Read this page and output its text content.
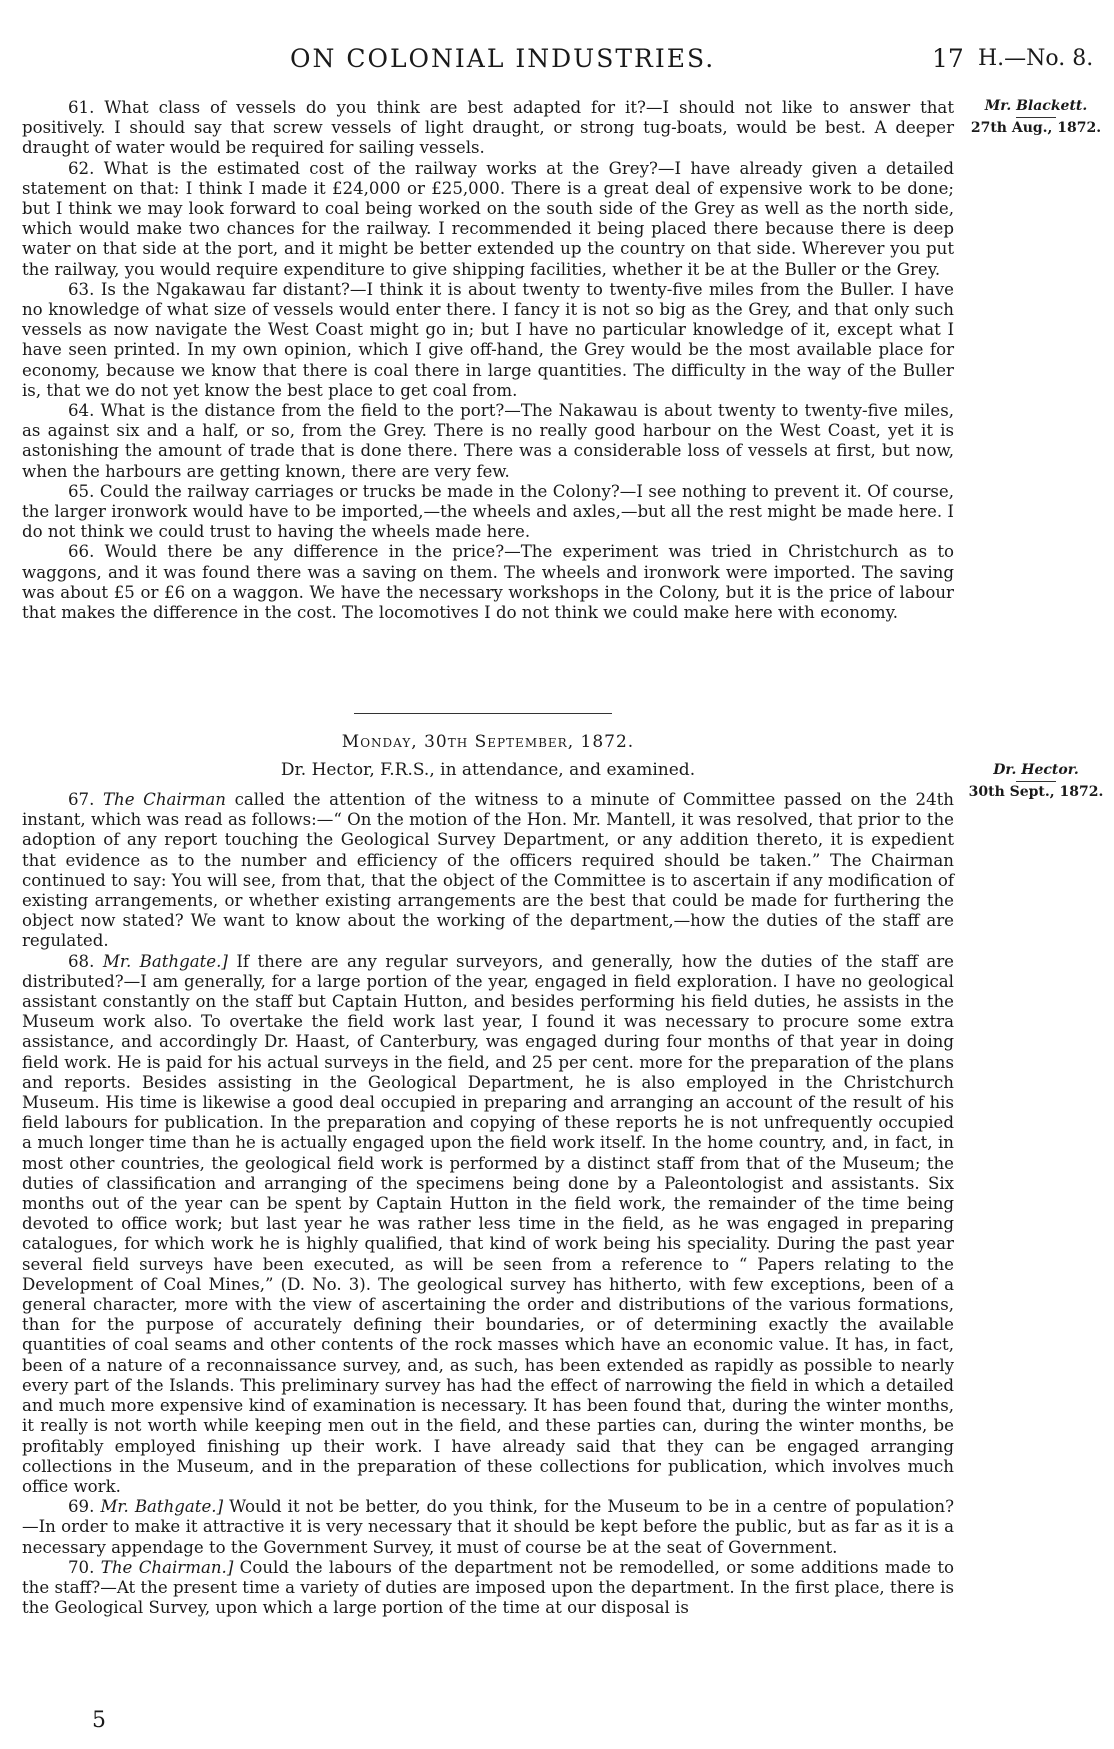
ON COLONIAL INDUSTRIES.	17 H.—No. 8.
Mr. Blackett.
27th Aug., 1872.

61. What class of vessels do you think are best adapted for it?—I should not like to answer that positively. I should say that screw vessels of light draught, or strong tug-boats, would be best. A deeper draught of water would be required for sailing vessels.

62. What is the estimated cost of the railway works at the Grey?—I have already given a detailed statement on that: I think I made it £24,000 or £25,000. There is a great deal of expensive work to be done; but I think we may look forward to coal being worked on the south side of the Grey as well as the north side, which would make two chances for the railway. I recommended it being placed there because there is deep water on that side at the port, and it might be better extended up the country on that side. Wherever you put the railway, you would require expenditure to give shipping facilities, whether it be at the Buller or the Grey.

63. Is the Ngakawau far distant?—I think it is about twenty to twenty-five miles from the Buller. I have no knowledge of what size of vessels would enter there. I fancy it is not so big as the Grey, and that only such vessels as now navigate the West Coast might go in; but I have no particular knowledge of it, except what I have seen printed. In my own opinion, which I give off-hand, the Grey would be the most available place for economy, because we know that there is coal there in large quantities. The difficulty in the way of the Buller is, that we do not yet know the best place to get coal from.

64. What is the distance from the field to the port?—The Nakawau is about twenty to twenty-five miles, as against six and a half, or so, from the Grey. There is no really good harbour on the West Coast, yet it is astonishing the amount of trade that is done there. There was a considerable loss of vessels at first, but now, when the harbours are getting known, there are very few.

65. Could the railway carriages or trucks be made in the Colony?—I see nothing to prevent it. Of course, the larger ironwork would have to be imported,—the wheels and axles,—but all the rest might be made here. I do not think we could trust to having the wheels made here.

66. Would there be any difference in the price?—The experiment was tried in Christchurch as to waggons, and it was found there was a saving on them. The wheels and ironwork were imported. The saving was about £5 or £6 on a waggon. We have the necessary workshops in the Colony, but it is the price of labour that makes the difference in the cost. The locomotives I do not think we could make here with economy.

Monday, 30th September, 1872.
Dr. Hector, F.R.S., in attendance, and examined.	Dr. Hector.
30th Sept., 1872.

67. The Chairman called the attention of the witness to a minute of Committee passed on the 24th instant, which was read as follows:—“ On the motion of the Hon. Mr. Mantell, it was resolved, that prior to the adoption of any report touching the Geological Survey Department, or any addition thereto, it is expedient that evidence as to the number and efficiency of the officers required should be taken.” The Chairman continued to say: You will see, from that, that the object of the Committee is to ascertain if any modification of existing arrangements, or whether existing arrangements are the best that could be made for furthering the object now stated? We want to know about the working of the department,—how the duties of the staff are regulated.

68. Mr. Bathgate.] If there are any regular surveyors, and generally, how the duties of the staff are distributed?—I am generally, for a large portion of the year, engaged in field exploration. I have no geological assistant constantly on the staff but Captain Hutton, and besides performing his field duties, he assists in the Museum work also. To overtake the field work last year, I found it was necessary to procure some extra assistance, and accordingly Dr. Haast, of Canterbury, was engaged during four months of that year in doing field work. He is paid for his actual surveys in the field, and 25 per cent. more for the preparation of the plans and reports. Besides assisting in the Geological Department, he is also employed in the Christchurch Museum. His time is likewise a good deal occupied in preparing and arranging an account of the result of his field labours for publication. In the preparation and copying of these reports he is not unfrequently occupied a much longer time than he is actually engaged upon the field work itself. In the home country, and, in fact, in most other countries, the geological field work is performed by a distinct staff from that of the Museum; the duties of classification and arranging of the specimens being done by a Paleontologist and assistants. Six months out of the year can be spent by Captain Hutton in the field work, the remainder of the time being devoted to office work; but last year he was rather less time in the field, as he was engaged in preparing catalogues, for which work he is highly qualified, that kind of work being his speciality. During the past year several field surveys have been executed, as will be seen from a reference to “ Papers relating to the Development of Coal Mines,” (D. No. 3). The geological survey has hitherto, with few exceptions, been of a general character, more with the view of ascertaining the order and distributions of the various formations, than for the purpose of accurately defining their boundaries, or of determining exactly the available quantities of coal seams and other contents of the rock masses which have an economic value. It has, in fact, been of a nature of a reconnaissance survey, and, as such, has been extended as rapidly as possible to nearly every part of the Islands. This preliminary survey has had the effect of narrowing the field in which a detailed and much more expensive kind of examination is necessary. It has been found that, during the winter months, it really is not worth while keeping men out in the field, and these parties can, during the winter months, be profitably employed finishing up their work. I have already said that they can be engaged arranging collections in the Museum, and in the preparation of these collections for publication, which involves much office work.

69. Mr. Bathgate.] Would it not be better, do you think, for the Museum to be in a centre of population?—In order to make it attractive it is very necessary that it should be kept before the public, but as far as it is a necessary appendage to the Government Survey, it must of course be at the seat of Government.

70. The Chairman.] Could the labours of the department not be remodelled, or some additions made to the staff?—At the present time a variety of duties are imposed upon the department. In the first place, there is the Geological Survey, upon which a large portion of the time at our disposal is

5
